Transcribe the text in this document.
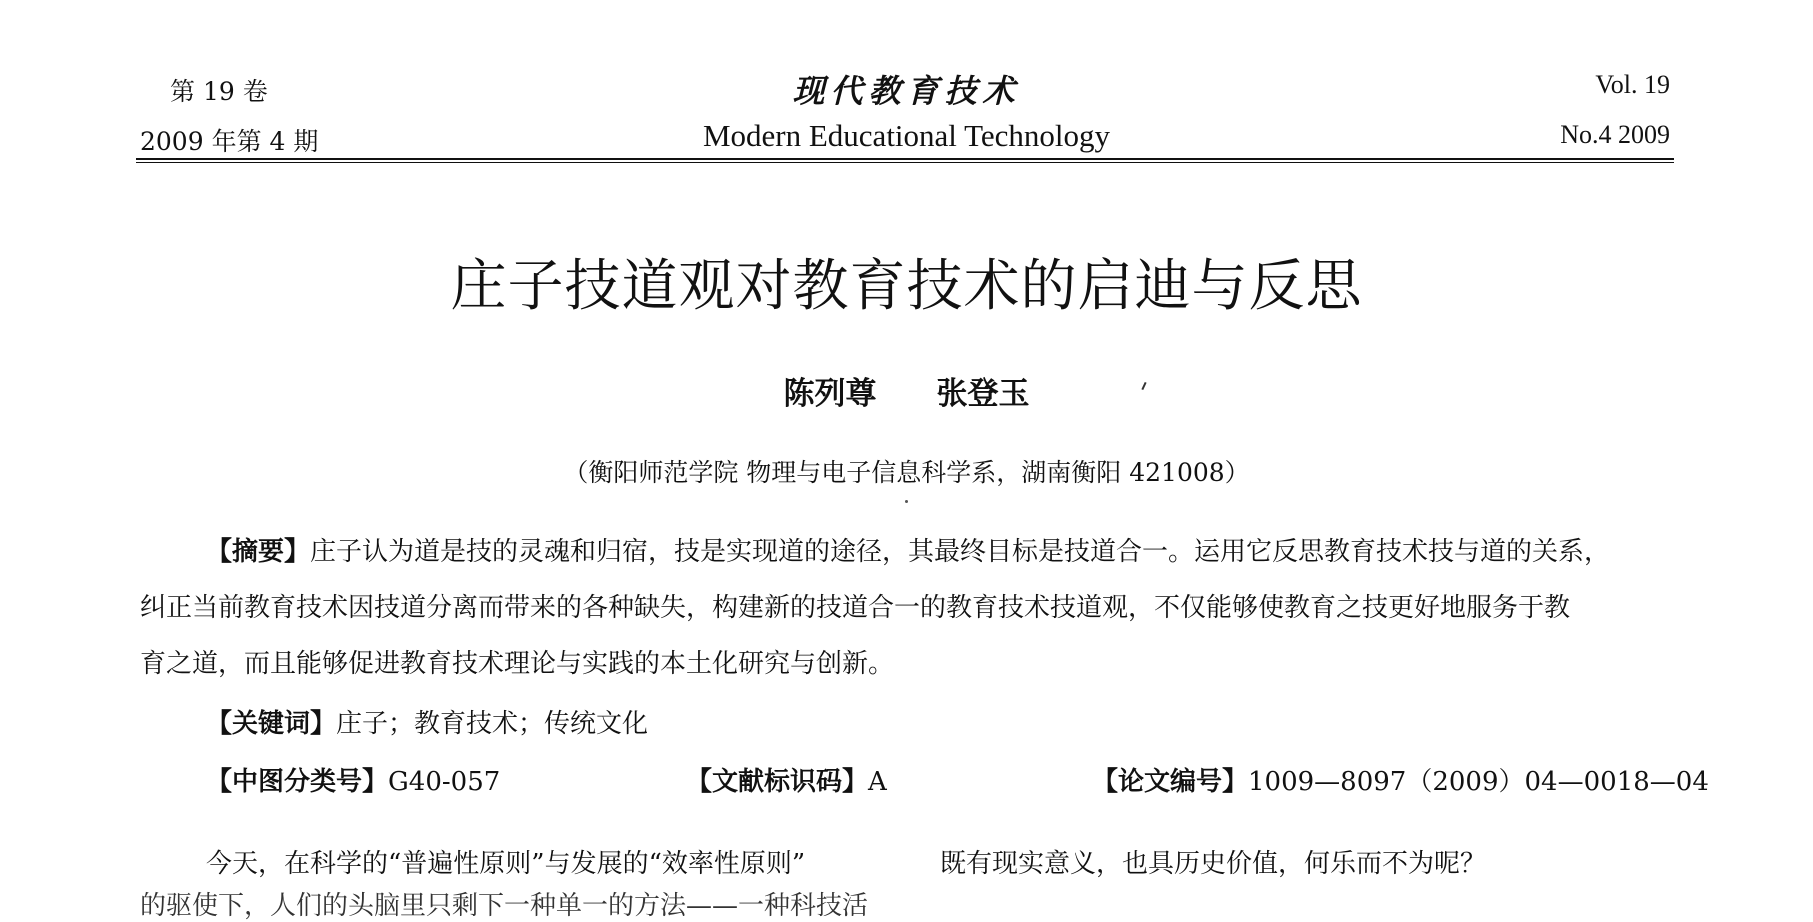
第 19 卷
2009 年第 4 期
现代教育技术
Modern Educational Technology
Vol. 19
No.4 2009
庄子技道观对教育技术的启迪与反思
陈列尊 张登玉
（衡阳师范学院 物理与电子信息科学系，湖南衡阳 421008）
【摘要】庄子认为道是技的灵魂和归宿，技是实现道的途径，其最终目标是技道合一。运用它反思教育技术技与道的关系，
纠正当前教育技术因技道分离而带来的各种缺失，构建新的技道合一的教育技术技道观，不仅能够使教育之技更好地服务于教
育之道，而且能够促进教育技术理论与实践的本土化研究与创新。
【关键词】庄子；教育技术；传统文化
【中图分类号】G40-057	【文献标识码】A	【论文编号】1009—8097（2009）04—0018—04
今天，在科学的“普遍性原则”与发展的“效率性原则”	既有现实意义，也具历史价值，何乐而不为呢？
的驱使下，人们的头脑里只剩下一种单一的方法——一种科技活
